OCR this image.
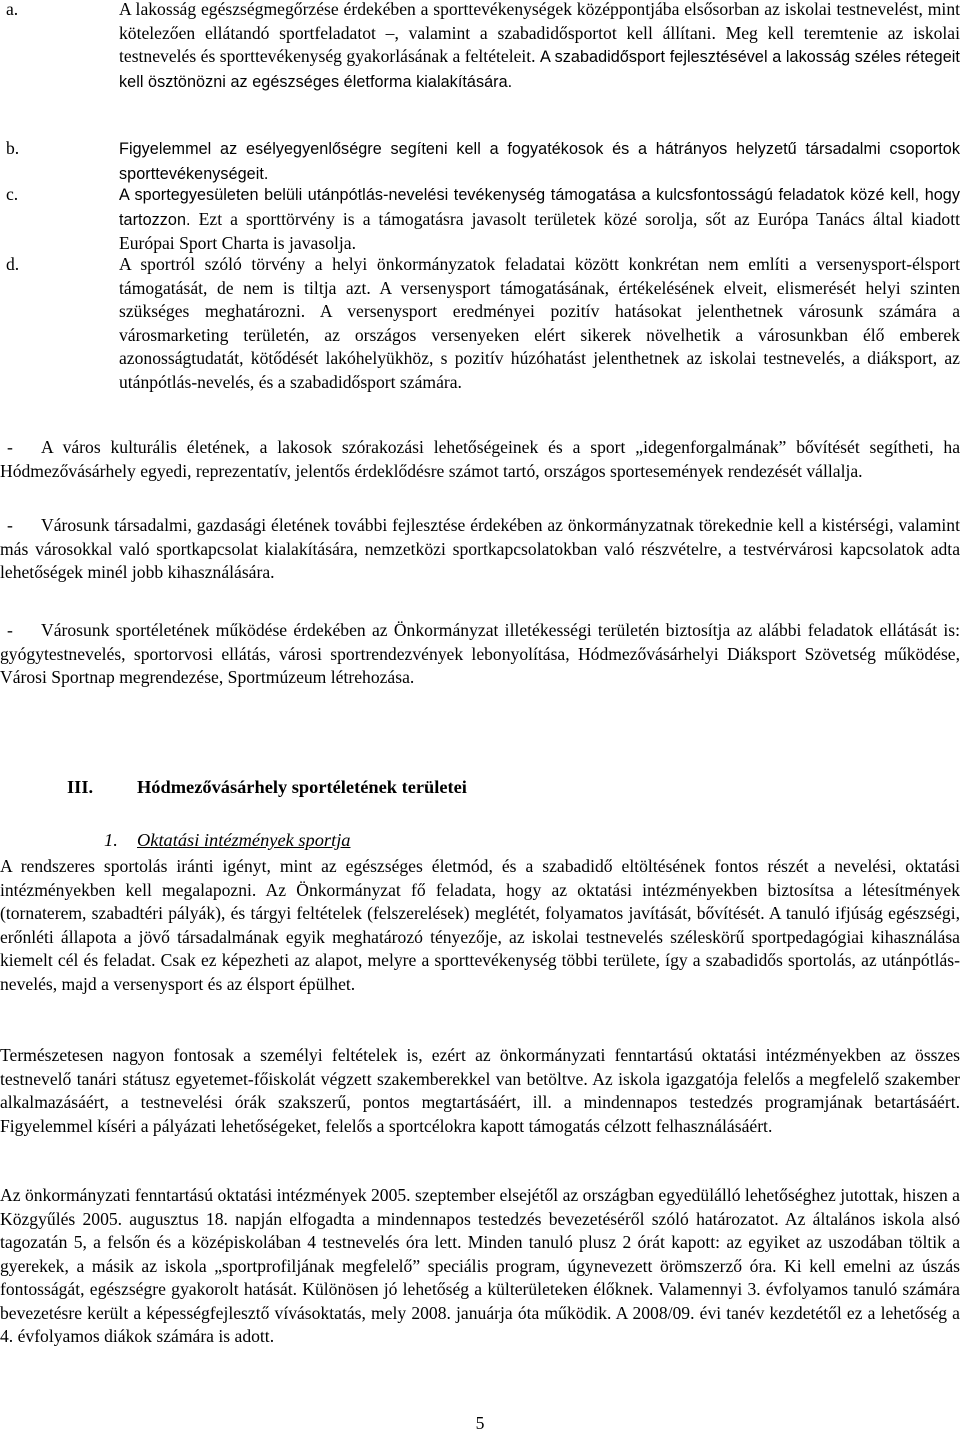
a.	A lakosság egészségmegőrzése érdekében a sporttevékenységek középpontjába elsősorban az iskolai testnevelést, mint kötelezően ellátandó sportfeladatot –, valamint a szabadidősportot kell állítani. Meg kell teremtenie az iskolai testnevelés és sporttevékenység gyakorlásának a feltételeit. A szabadidősport fejlesztésével a lakosság széles rétegeit kell ösztönözni az egészséges életforma kialakítására.
b.	Figyelemmel az esélyegyenlőségre segíteni kell a fogyatékosok és a hátrányos helyzetű társadalmi csoportok sporttevékenységeit.
c.	A sportegyesületen belüli utánpótlás-nevelési tevékenység támogatása a kulcsfontosságú feladatok közé kell, hogy tartozzon. Ezt a sporttörvény is a támogatásra javasolt területek közé sorolja, sőt az Európa Tanács által kiadott Európai Sport Charta is javasolja.
d.	A sportról szóló törvény a helyi önkormányzatok feladatai között konkrétan nem említi a versenysport-élsport támogatását, de nem is tiltja azt. A versenysport támogatásának, értékelésének elveit, elismerését helyi szinten szükséges meghatározni. A versenysport eredményei pozitív hatásokat jelenthetnek városunk számára a városmarketing területén, az országos versenyeken elért sikerek növelhetik a városunkban élő emberek azonosságtudatát, kötődését lakóhelyükhöz, s pozitív húzóhatást jelenthetnek az iskolai testnevelés, a diáksport, az utánpótlás-nevelés, és a szabadidősport számára.
-	A város kulturális életének, a lakosok szórakozási lehetőségeinek és a sport „idegenforgalmának” bővítését segítheti, ha Hódmezővásárhely egyedi, reprezentatív, jelentős érdeklődésre számot tartó, országos sportesemények rendezését vállalja.
-	Városunk társadalmi, gazdasági életének további fejlesztése érdekében az önkormányzatnak törekednie kell a kistérségi, valamint más városokkal való sportkapcsolat kialakítására, nemzetközi sportkapcsolatokban való részvételre, a testvérvárosi kapcsolatok adta lehetőségek minél jobb kihasználására.
-	Városunk sportéletének működése érdekében az Önkormányzat illetékességi területén biztosítja az alábbi feladatok ellátását is: gyógytestnevelés, sportorvosi ellátás, városi sportrendezvények lebonyolítása, Hódmezővásárhelyi Diáksport Szövetség működése, Városi Sportnap megrendezése, Sportmúzeum létrehozása.
III. Hódmezővásárhely sportéletének területei
1. Oktatási intézmények sportja
A rendszeres sportolás iránti igényt, mint az egészséges életmód, és a szabadidő eltöltésének fontos részét a nevelési, oktatási intézményekben kell megalapozni. Az Önkormányzat fő feladata, hogy az oktatási intézményekben biztosítsa a létesítmények (tornaterem, szabadtéri pályák), és tárgyi feltételek (felszerelések) meglétét, folyamatos javítását, bővítését. A tanuló ifjúság egészségi, erőnléti állapota a jövő társadalmának egyik meghatározó tényezője, az iskolai testnevelés széleskörű sportpedagógiai kihasználása kiemelt cél és feladat. Csak ez képezheti az alapot, melyre a sporttevékenység többi területe, így a szabadidős sportolás, az utánpótlás-nevelés, majd a versenysport és az élsport épülhet.
Természetesen nagyon fontosak a személyi feltételek is, ezért az önkormányzati fenntartású oktatási intézményekben az összes testnevelő tanári státusz egyetemet-főiskolát végzett szakemberekkel van betöltve. Az iskola igazgatója felelős a megfelelő szakember alkalmazásáért, a testnevelési órák szakszerű, pontos megtartásáért, ill. a mindennapos testedzés programjának betartásáért. Figyelemmel kíséri a pályázati lehetőségeket, felelős a sportcélokra kapott támogatás célzott felhasználásáért.
Az önkormányzati fenntartású oktatási intézmények 2005. szeptember elsejétől az országban egyedülálló lehetőséghez jutottak, hiszen a Közgyűlés 2005. augusztus 18. napján elfogadta a mindennapos testedzés bevezetéséről szóló határozatot. Az általános iskola alsó tagozatán 5, a felsőn és a középiskolában 4 testnevelés óra lett. Minden tanuló plusz 2 órát kapott: az egyiket az uszodában töltik a gyerekek, a másik az iskola „sportprofiljának megfelelő” speciális program, úgynevezett örömszerző óra. Ki kell emelni az úszás fontosságát, egészségre gyakorolt hatását. Különösen jó lehetőség a külterületeken élőknek. Valamennyi 3. évfolyamos tanuló számára bevezetésre került a képességfejlesztő vívásoktatás, mely 2008. januárja óta működik. A 2008/09. évi tanév kezdetétől ez a lehetőség a 4. évfolyamos diákok számára is adott.
5
